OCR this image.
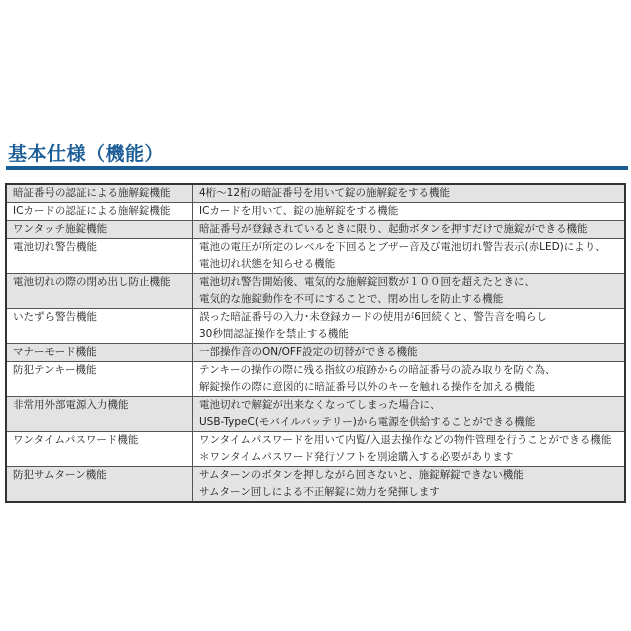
基本仕様（機能）
暗証番号の認証による施解錠機能	4桁～12桁の暗証番号を用いて錠の施解錠をする機能

ICカードの認証による施解錠機能	ICカードを用いて、錠の施解錠をする機能

ワンタッチ施錠機能	暗証番号が登録されているときに限り、起動ボタンを押すだけで施錠ができる機能

電池切れ警告機能	電池の電圧が所定のレベルを下回るとブザー音及び電池切れ警告表示(赤LED)により、
電池切れ状態を知らせる機能

電池切れの際の閉め出し防止機能	電池切れ警告開始後、電気的な施解錠回数が１００回を超えたときに、
電気的な施錠動作を不可にすることで、閉め出しを防止する機能

いたずら警告機能	誤った暗証番号の入力･未登録カードの使用が6回続くと、警告音を鳴らし
30秒間認証操作を禁止する機能

マナーモード機能	一部操作音のON/OFF設定の切替ができる機能

防犯テンキー機能	テンキーの操作の際に残る指紋の痕跡からの暗証番号の読み取りを防ぐ為、
解錠操作の際に意図的に暗証番号以外のキーを触れる操作を加える機能

非常用外部電源入力機能	電池切れで解錠が出来なくなってしまった場合に、
USB-TypeC(モバイルバッテリー)から電源を供給することができる機能

ワンタイムパスワード機能	ワンタイムパスワードを用いて内覧/入退去操作などの物件管理を行うことができる機能
＊ワンタイムパスワード発行ソフトを別途購入する必要があります

防犯サムターン機能	サムターンのボタンを押しながら回さないと、施錠解錠できない機能
サムターン回しによる不正解錠に効力を発揮します
